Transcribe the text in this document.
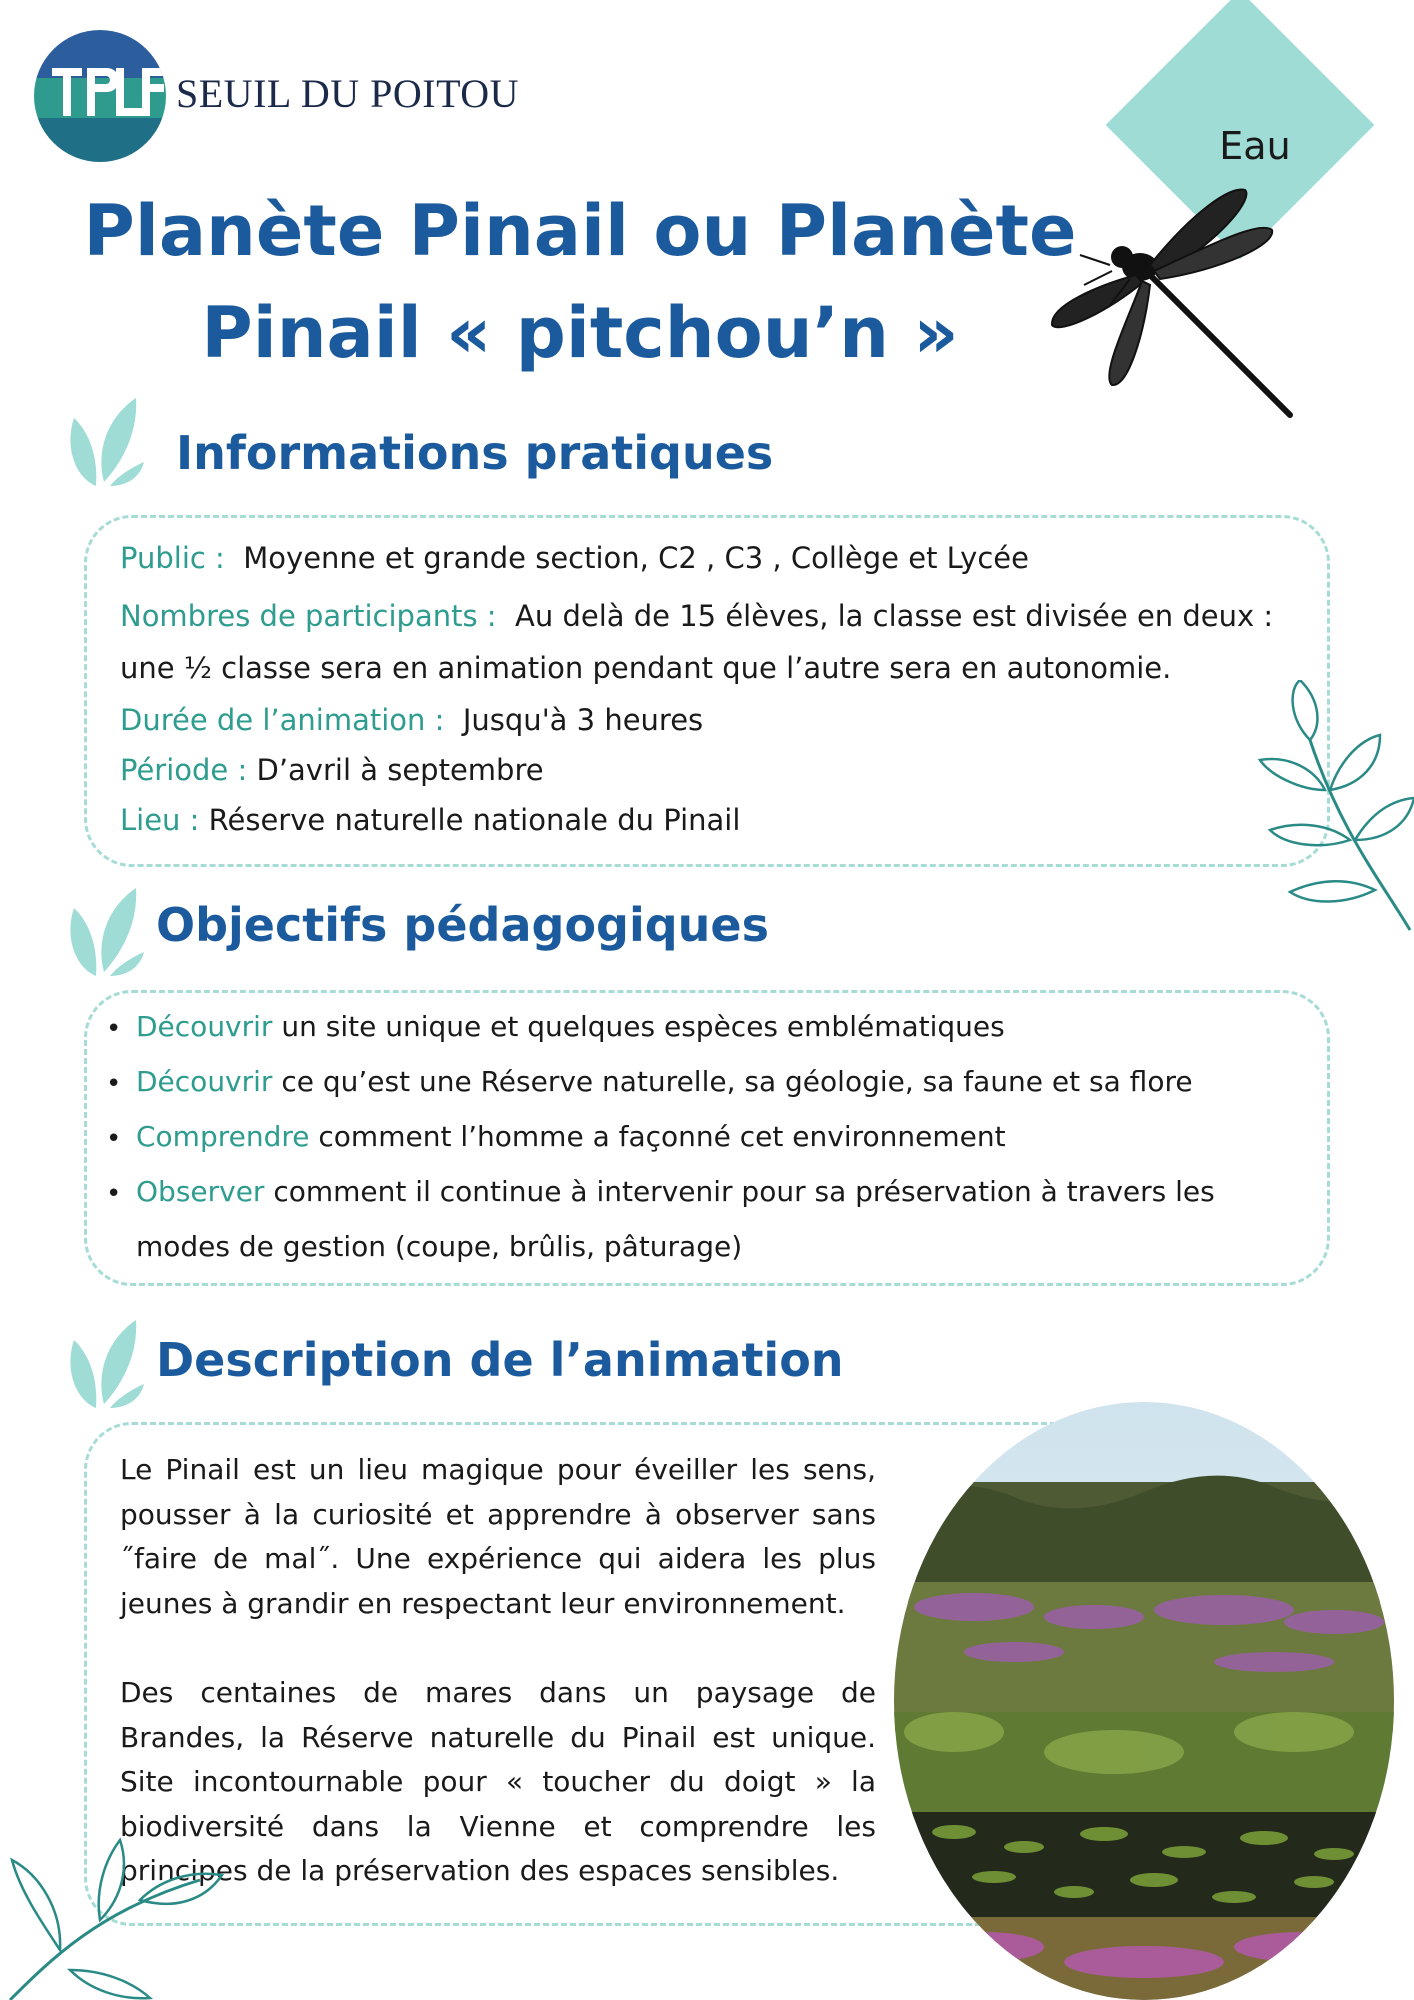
SEUIL DU POITOU
Eau
Planète Pinail ou Planète
Pinail « pitchou’n »
Informations pratiques
Objectifs pédagogiques
Description de l’animation
Public : Moyenne et grande section, C2 , C3 , Collège et Lycée
Nombres de participants : Au delà de 15 élèves, la classe est divisée en deux :
une ½ classe sera en animation pendant que l’autre sera en autonomie.
Durée de l’animation : Jusqu'à 3 heures
Période : D’avril à septembre
Lieu : Réserve naturelle nationale du Pinail
• Découvrir un site unique et quelques espèces emblématiques
• Découvrir ce qu’est une Réserve naturelle, sa géologie, sa faune et sa flore
• Comprendre comment l’homme a façonné cet environnement
• Observer comment il continue à intervenir pour sa préservation à travers les
modes de gestion (coupe, brûlis, pâturage)
Le Pinail est un lieu magique pour éveiller les sens, pousser à la curiosité et apprendre à observer sans ˝faire de mal˝. Une expérience qui aidera les plus jeunes à grandir en respectant leur environnement.
Des centaines de mares dans un paysage de Brandes, la Réserve naturelle du Pinail est unique. Site incontournable pour « toucher du doigt » la biodiversité dans la Vienne et comprendre les principes de la préservation des espaces sensibles.
